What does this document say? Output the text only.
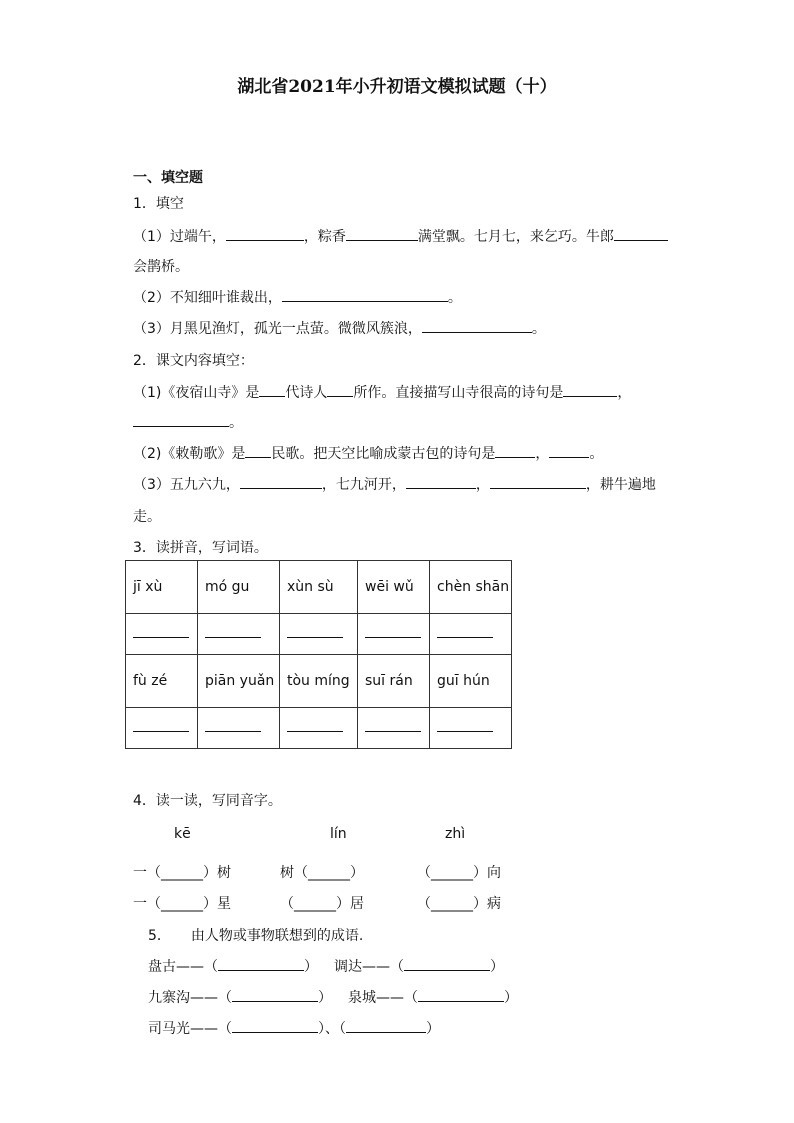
湖北省2021年小升初语文模拟试题（十）
一、填空题
1．填空
（1）过端午，	，粽香	满堂飘。七月七，来乞巧。牛郎
会鹊桥。
（2）不知细叶谁裁出，	。
（3）月黑见渔灯，孤光一点萤。微微风簇浪，	。
2．课文内容填空：
（1)《夜宿山寺》是 代诗人 所作。直接描写山寺很高的诗句是	，
。
（2)《敕勒歌》是 民歌。把天空比喻成蒙古包的诗句是	，	。
（3）五九六九，	，七九河开，	，	，耕牛遍地
走。
3．读拼音，写词语。
jī xù	mó gu	xùn sù	wēi wǔ	chèn shān

fù zé	piān yuǎn	tòu míng	suī rán	guī hún

4．读一读，写同音字。
kē	lín	zhì
一（______）树	树（______）	（______）向
一（______）星	（______）居	（______）病
5． 由人物或事物联想到的成语.
盘古——（	） 调达——（	）
九寨沟——（	） 泉城——（	）
司马光——（	）、（	）
